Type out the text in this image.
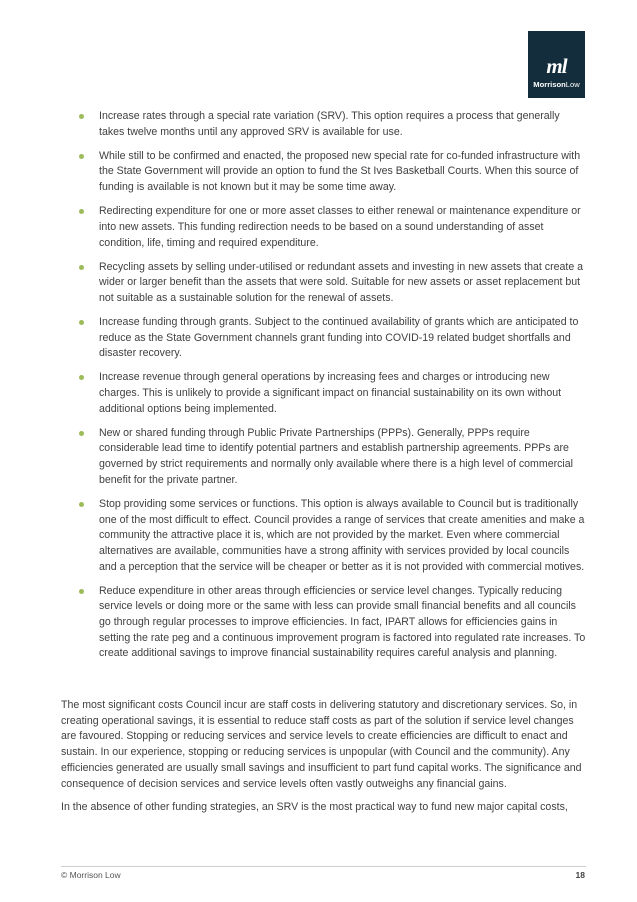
ml
MorrisonLow
Increase rates through a special rate variation (SRV). This option requires a process that generally takes twelve months until any approved SRV is available for use.
While still to be confirmed and enacted, the proposed new special rate for co-funded infrastructure with the State Government will provide an option to fund the St Ives Basketball Courts. When this source of funding is available is not known but it may be some time away.
Redirecting expenditure for one or more asset classes to either renewal or maintenance expenditure or into new assets. This funding redirection needs to be based on a sound understanding of asset condition, life, timing and required expenditure.
Recycling assets by selling under-utilised or redundant assets and investing in new assets that create a wider or larger benefit than the assets that were sold. Suitable for new assets or asset replacement but not suitable as a sustainable solution for the renewal of assets.
Increase funding through grants. Subject to the continued availability of grants which are anticipated to reduce as the State Government channels grant funding into COVID-19 related budget shortfalls and disaster recovery.
Increase revenue through general operations by increasing fees and charges or introducing new charges. This is unlikely to provide a significant impact on financial sustainability on its own without additional options being implemented.
New or shared funding through Public Private Partnerships (PPPs). Generally, PPPs require considerable lead time to identify potential partners and establish partnership agreements. PPPs are governed by strict requirements and normally only available where there is a high level of commercial benefit for the private partner.
Stop providing some services or functions. This option is always available to Council but is traditionally one of the most difficult to effect. Council provides a range of services that create amenities and make a community the attractive place it is, which are not provided by the market. Even where commercial alternatives are available, communities have a strong affinity with services provided by local councils and a perception that the service will be cheaper or better as it is not provided with commercial motives.
Reduce expenditure in other areas through efficiencies or service level changes. Typically reducing service levels or doing more or the same with less can provide small financial benefits and all councils go through regular processes to improve efficiencies. In fact, IPART allows for efficiencies gains in setting the rate peg and a continuous improvement program is factored into regulated rate increases. To create additional savings to improve financial sustainability requires careful analysis and planning.

The most significant costs Council incur are staff costs in delivering statutory and discretionary services. So, in creating operational savings, it is essential to reduce staff costs as part of the solution if service level changes are favoured. Stopping or reducing services and service levels to create efficiencies are difficult to enact and sustain. In our experience, stopping or reducing services is unpopular (with Council and the community). Any efficiencies generated are usually small savings and insufficient to part fund capital works. The significance and consequence of decision services and service levels often vastly outweighs any financial gains.

In the absence of other funding strategies, an SRV is the most practical way to fund new major capital costs,

© Morrison Low	18
